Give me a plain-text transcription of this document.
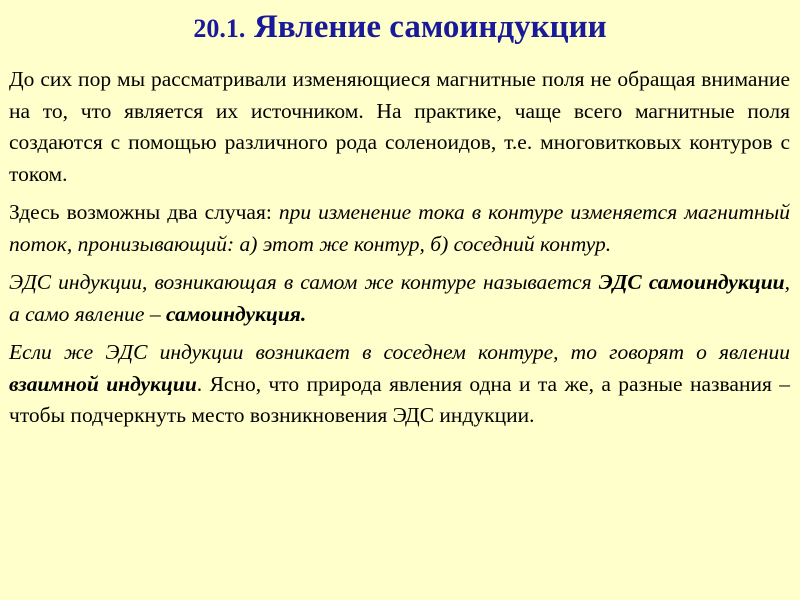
20.1. Явление самоиндукции

До сих пор мы рассматривали изменяющиеся магнитные поля не обращая внимание на то, что является их источником. На практике, чаще всего магнитные поля создаются с помощью различного рода соленоидов, т.е. многовитковых контуров с током.

Здесь возможны два случая: при изменение тока в контуре изменяется магнитный поток, пронизывающий: а) этот же контур, б) соседний контур.

ЭДС индукции, возникающая в самом же контуре называется ЭДС самоиндукции, а само явление – самоиндукция.

Если же ЭДС индукции возникает в соседнем контуре, то говорят о явлении взаимной индукции. Ясно, что природа явления одна и та же, а разные названия – чтобы подчеркнуть место возникновения ЭДС индукции.
